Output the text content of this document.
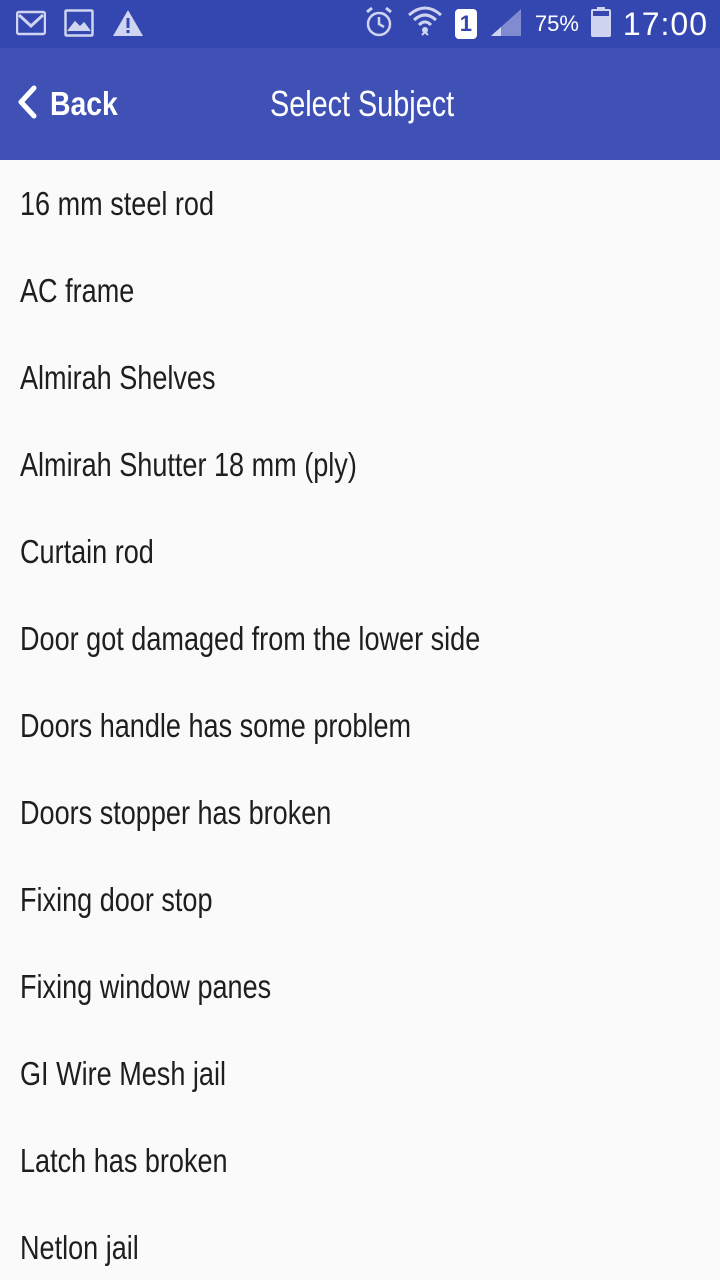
1	75% 17:00
Back	Select Subject
16 mm steel rod
AC frame
Almirah Shelves
Almirah Shutter 18 mm (ply)
Curtain rod
Door got damaged from the lower side
Doors handle has some problem
Doors stopper has broken
Fixing door stop
Fixing window panes
GI Wire Mesh jail
Latch has broken
Netlon jail
